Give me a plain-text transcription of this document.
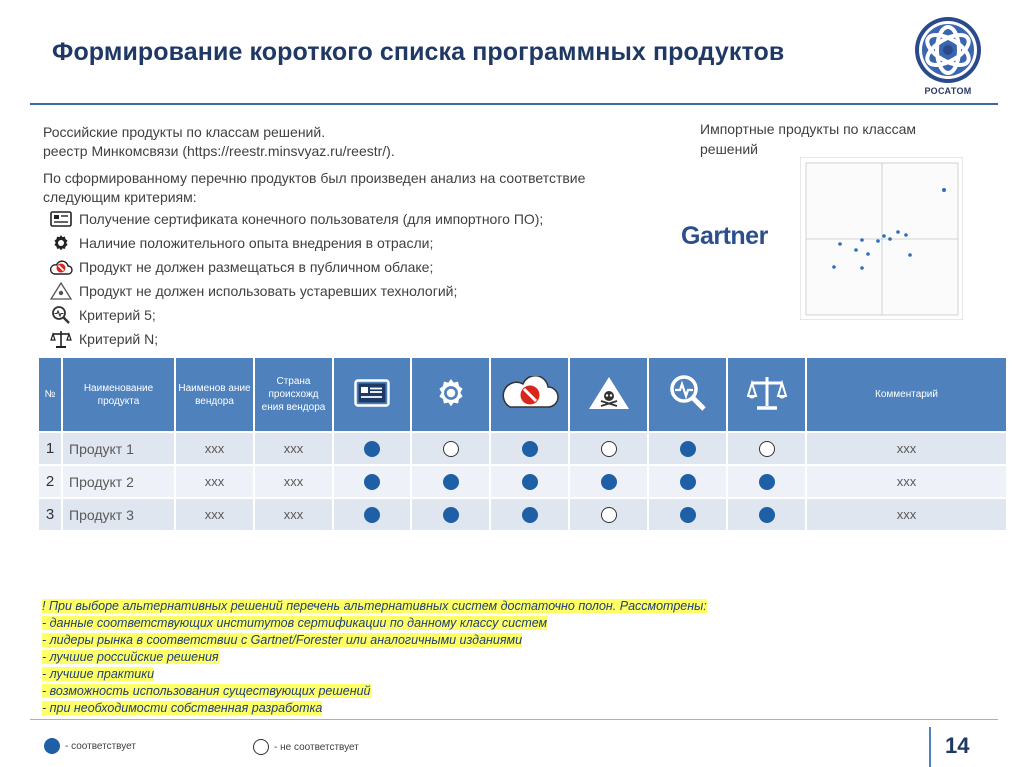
Формирование короткого списка программных продуктов
РОСАТОМ

Российские продукты по классам решений.

реестр Минкомсвязи (https://reestr.minsvyaz.ru/reestr/).

По сформированному перечню продуктов был произведен анализ на соответствие

следующим критериям:

Получение сертификата конечного пользователя (для импортного ПО);
Наличие положительного опыта внедрения в отрасли;
Продукт не должен размещаться в публичном облаке;
Продукт не должен использовать устаревших технологий;
Критерий 5;
Критерий N;
Импортные продукты по классам
решений
Gartner
№	Наименование продукта	Наименов ание вендора	Страна происхожд ения вендора							Комментарий
1	Продукт 1	xxx	xxx							xxx
2	Продукт 2	xxx	xxx							xxx
3	Продукт 3	xxx	xxx							xxx
! При выборе альтернативных решений перечень альтернативных систем достаточно полон. Рассмотрены:
- данные соответствующих институтов сертификации по данному классу систем
- лидеры рынка в соответствии с Gartnet/Forester или аналогичными изданиями
- лучшие российские решения
- лучшие практики
- возможность использования существующих решений
- при необходимости собственная разработка
- соответствует	- не соответствует	14
